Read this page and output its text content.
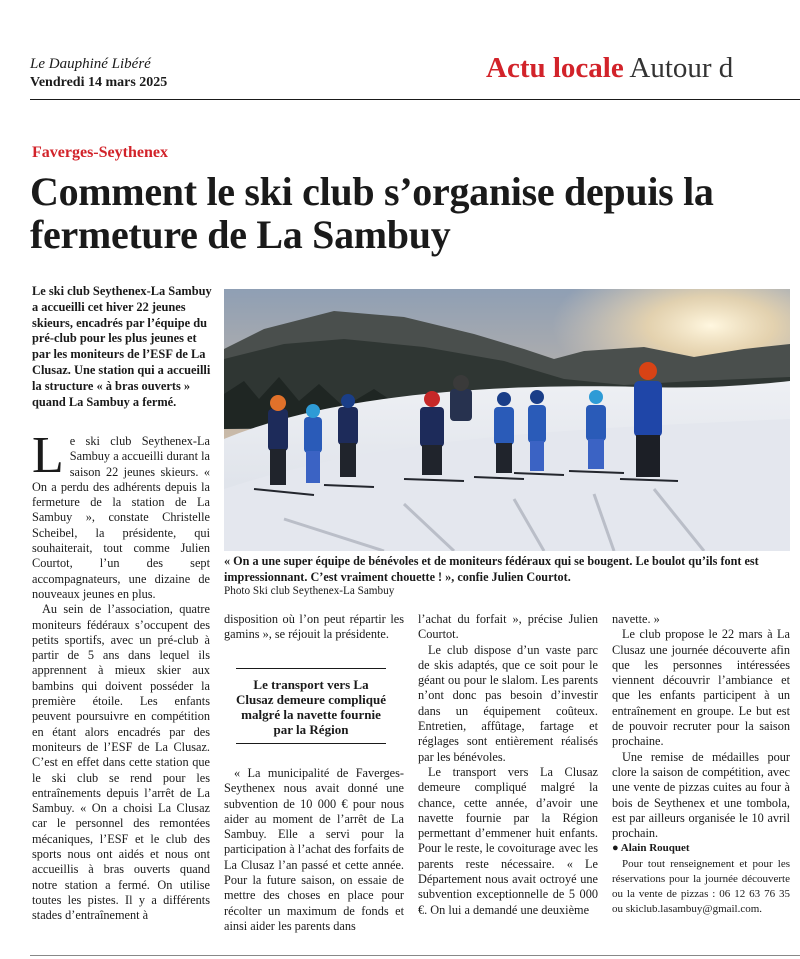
Le Dauphiné Libéré
Vendredi 14 mars 2025	Actu locale Autour d
Faverges-Seythenex
Comment le ski club s’organise depuis la fermeture de La Sambuy
Le ski club Seythenex-La Sambuy a accueilli cet hiver 22 jeunes skieurs, encadrés par l’équipe du pré-club pour les plus jeunes et par les moniteurs de l’ESF de La Clusaz. Une station qui a accueilli la structure « à bras ouverts » quand La Sambuy a fermé.

Le ski club Seythenex-La Sambuy a accueilli durant la saison 22 jeunes skieurs. « On a perdu des adhérents depuis la fermeture de la station de La Sambuy », constate Christelle Scheibel, la présidente, qui souhaiterait, tout comme Julien Courtot, l’un des sept accompagnateurs, une dizaine de nouveaux jeunes en plus.

Au sein de l’association, quatre moniteurs fédéraux s’occupent des petits sportifs, avec un pré-club à partir de 5 ans dans lequel ils apprennent à mieux skier aux bambins qui doivent posséder la première étoile. Les enfants peuvent poursuivre en compétition en étant alors encadrés par des moniteurs de l’ESF de La Clusaz. C’est en effet dans cette station que le ski club se rend pour les entraînements depuis l’arrêt de La Sambuy. « On a choisi La Clusaz car le personnel des remontées mécaniques, l’ESF et le club des sports nous ont aidés et nous ont accueillis à bras ouverts quand notre station a fermé. On utilise toutes les pistes. Il y a différents stades d’entraînement à

« On a une super équipe de bénévoles et de moniteurs fédéraux qui se bougent. Le boulot qu’ils font est impressionnant. C’est vraiment chouette ! », confie Julien Courtot.
Photo Ski club Seythenex-La Sambuy

disposition où l’on peut répartir les gamins », se réjouit la présidente.

Le transport vers La Clusaz demeure compliqué malgré la navette fournie par la Région

« La municipalité de Faverges-Seythenex nous avait donné une subvention de 10 000 € pour nous aider au moment de l’arrêt de La Sambuy. Elle a servi pour la participation à l’achat des forfaits de La Clusaz l’an passé et cette année. Pour la future saison, on essaie de mettre des choses en place pour récolter un maximum de fonds et ainsi aider les parents dans

l’achat du forfait », précise Julien Courtot.

Le club dispose d’un vaste parc de skis adaptés, que ce soit pour le géant ou pour le slalom. Les parents n’ont donc pas besoin d’investir dans un équipement coûteux. Entretien, affûtage, fartage et réglages sont entièrement réalisés par les bénévoles.

Le transport vers La Clusaz demeure compliqué malgré la chance, cette année, d’avoir une navette fournie par la Région permettant d’emmener huit enfants. Pour le reste, le covoiturage avec les parents reste nécessaire. « Le Département nous avait octroyé une subvention exceptionnelle de 5 000 €. On lui a demandé une deuxième

navette. »

Le club propose le 22 mars à La Clusaz une journée découverte afin que les personnes intéressées viennent découvrir l’ambiance et que les enfants participent à un entraînement en groupe. Le but est de pouvoir recruter pour la saison prochaine.

Une remise de médailles pour clore la saison de compétition, avec une vente de pizzas cuites au four à bois de Seythenex et une tombola, est par ailleurs organisée le 10 avril prochain.

● Alain Rouquet

Pour tout renseignement et pour les réservations pour la journée découverte ou la vente de pizzas : 06 12 63 76 35 ou skiclub.lasambuy@gmail.com.
